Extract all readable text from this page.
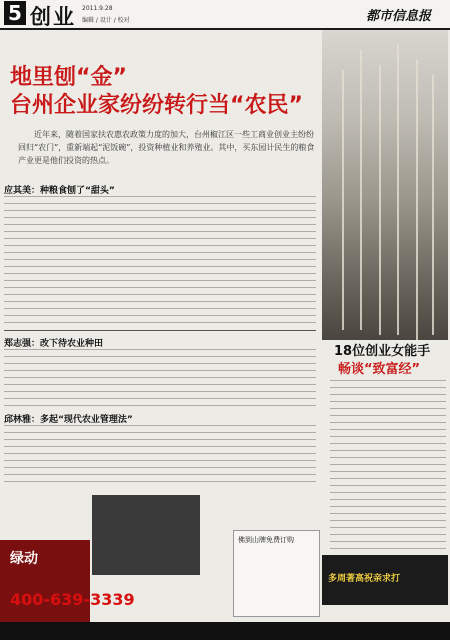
5 创业 2011.9.28
编辑 / 设计 / 校对	都市信息报
地里刨“金”
台州企业家纷纷转行当“农民”
近年来，随着国家扶农惠农政策力度的加大，台州椒江区一些工商业创业主纷纷回归“农门”，重新端起“泥饭碗”，投资种植业和养殖业。其中，买东园计民生的粮食产业更是他们投资的热点。
应其美：种粮食刨了“甜头”
郑志强：改下待农业种田
邱林雅：多起“现代农业管理法”
18位创业女能手
畅谈“致富经”
绿动
400-639-3339
佛到山牌免费订购
多周著高祝亲求打
